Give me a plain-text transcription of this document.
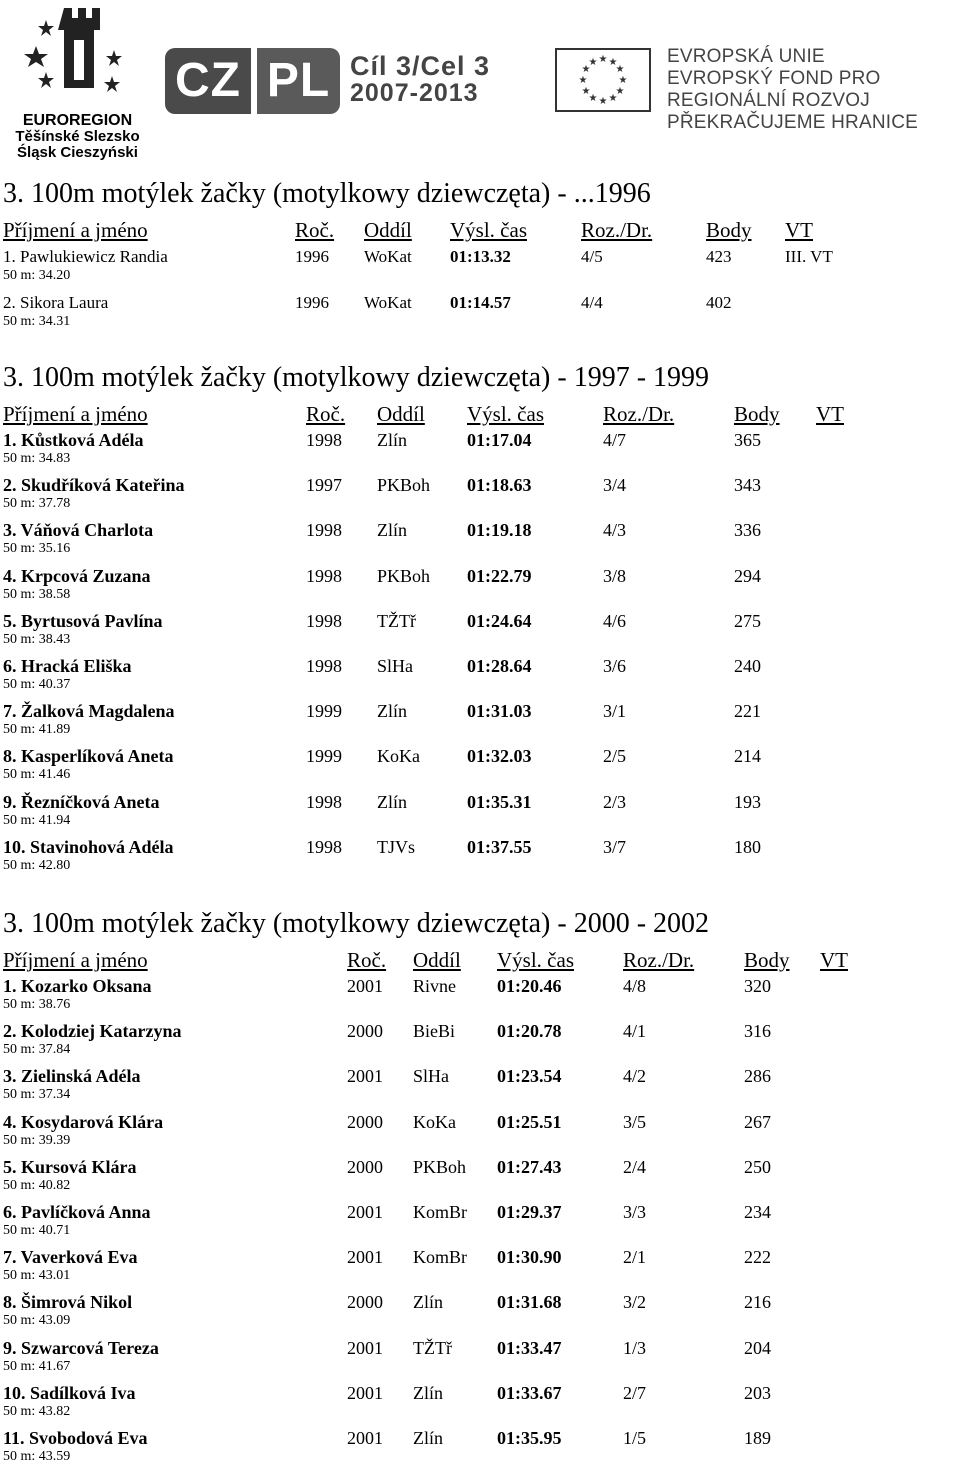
EUROREGION
Těšínské Slezsko
Śląsk Cieszyński
CZ PL Cíl 3/Cel 3
2007-2013
★ ★
★
★
★
★
★
★
★
★
★
★	EVROPSKÁ UNIE
EVROPSKÝ FOND PRO REGIONÁLNÍ ROZVOJ
PŘEKRAČUJEME HRANICE
3. 100m motýlek žačky (motylkowy dziewczęta) - ...1996
Příjmení a jméno	Roč. Oddíl Výsl. čas	Roz./Dr.	Body VT
1. Pawlukiewicz Randia	1996 WoKat 01:13.32	4/5	423	III. VT
50 m: 34.20
2. Sikora Laura	1996 WoKat 01:14.57	4/4	402
50 m: 34.31
3. 100m motýlek žačky (motylkowy dziewczęta) - 1997 - 1999
Příjmení a jméno	Roč. Oddíl Výsl. čas	Roz./Dr.	Body VT
1. Kůstková Adéla	1998 Zlín	01:17.04	4/7	365
50 m: 34.83
2. Skudříková Kateřina	1997 PKBoh 01:18.63	3/4	343
50 m: 37.78
3. Váňová Charlota	1998 Zlín	01:19.18	4/3	336
50 m: 35.16
4. Krpcová Zuzana	1998 PKBoh 01:22.79	3/8	294
50 m: 38.58
5. Byrtusová Pavlína	1998 TŽTř	01:24.64	4/6	275
50 m: 38.43
6. Hracká Eliška	1998 SlHa	01:28.64	3/6	240
50 m: 40.37
7. Žalková Magdalena	1999 Zlín	01:31.03	3/1	221
50 m: 41.89
8. Kasperlíková Aneta	1999 KoKa	01:32.03	2/5	214
50 m: 41.46
9. Řezníčková Aneta	1998 Zlín	01:35.31	2/3	193
50 m: 41.94
10. Stavinohová Adéla	1998 TJVs	01:37.55	3/7	180
50 m: 42.80
3. 100m motýlek žačky (motylkowy dziewczęta) - 2000 - 2002
Příjmení a jméno	Roč. Oddíl Výsl. čas Roz./Dr. Body VT
1. Kozarko Oksana	2001 Rivne 01:20.46	4/8	320
50 m: 38.76
2. Kolodziej Katarzyna	2000 BieBi 01:20.78	4/1	316
50 m: 37.84
3. Zielinská Adéla	2001 SlHa	01:23.54	4/2	286
50 m: 37.34
4. Kosydarová Klára	2000 KoKa 01:25.51	3/5	267
50 m: 39.39
5. Kursová Klára	2000 PKBoh 01:27.43	2/4	250
50 m: 40.82
6. Pavlíčková Anna	2001 KomBr 01:29.37	3/3	234
50 m: 40.71
7. Vaverková Eva	2001 KomBr 01:30.90	2/1	222
50 m: 43.01
8. Šimrová Nikol	2000 Zlín	01:31.68	3/2	216
50 m: 43.09
9. Szwarcová Tereza	2001 TŽTř	01:33.47	1/3	204
50 m: 41.67
10. Sadílková Iva	2001 Zlín	01:33.67	2/7	203
50 m: 43.82
11. Svobodová Eva	2001 Zlín	01:35.95	1/5	189
50 m: 43.59
